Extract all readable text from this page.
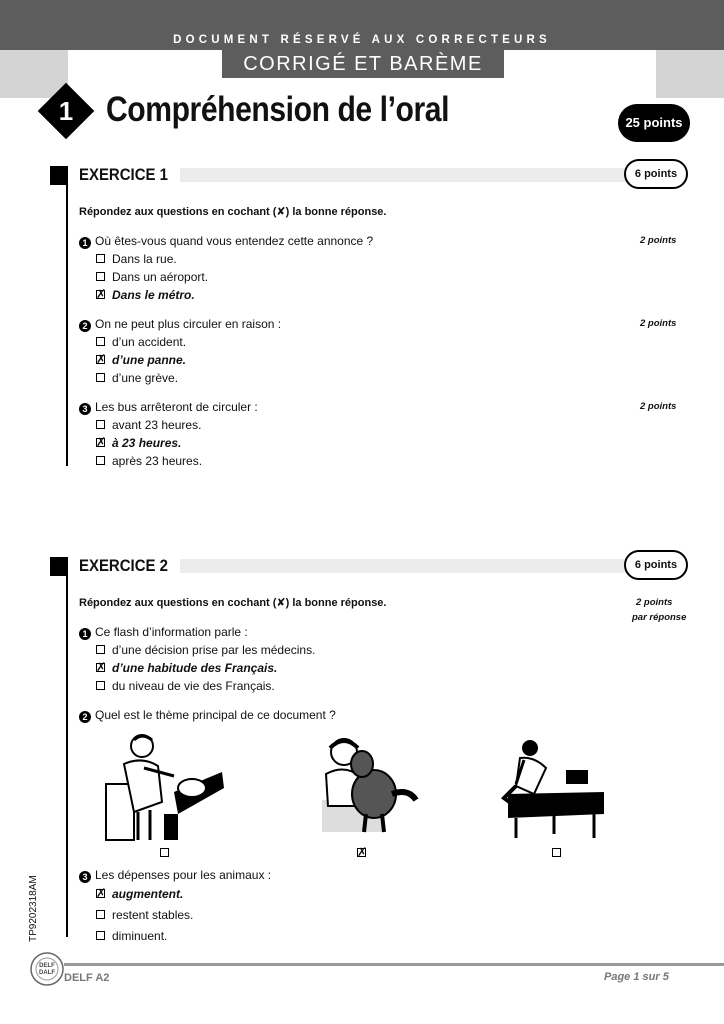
DOCUMENT RÉSERVÉ AUX CORRECTEURS
CORRIGÉ ET BARÈME
1 Compréhension de l’oral	25 points
EXERCICE 1	6 points
Répondez aux questions en cochant (✘) la bonne réponse.
1 Où êtes-vous quand vous entendez cette annonce ?	2 points
Dans la rue.
Dans un aéroport.
✗Dans le métro.
2 On ne peut plus circuler en raison :	2 points
d’un accident.
✗d’une panne.
d’une grève.
3 Les bus arrêteront de circuler :	2 points
avant 23 heures.
✗à 23 heures.
après 23 heures.
EXERCICE 2	6 points
Répondez aux questions en cochant (✘) la bonne réponse.	2 points
par réponse
1 Ce flash d’information parle :
d’une décision prise par les médecins.
✗d’une habitude des Français.
du niveau de vie des Français.
2 Quel est le thème principal de ce document ?
✗
3 Les dépenses pour les animaux :
✗augmentent.
restent stables.
diminuent.
TP9202318AM
DELF
DALF DELF A2	Page 1 sur 5
